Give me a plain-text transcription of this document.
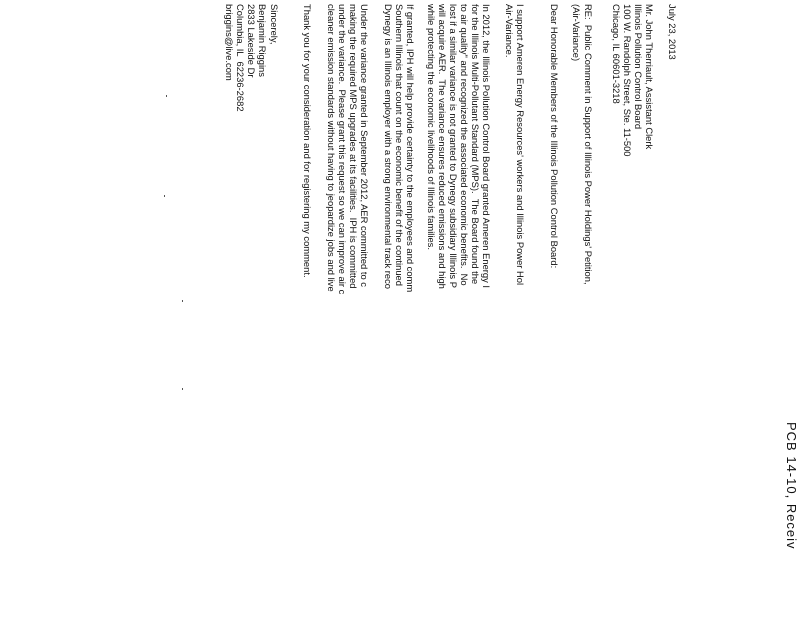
PCB 14-10, Receiv

July 23, 2013

Mr. John Therriault, Assistant Clerk

Illinois Pollution Control Board

100 W. Randolph Street, Ste. 11-500

Chicago, IL 60601-3218

RE:  Public Comment in Support of Illinois Power Holdings' Petition,

(Air-Variance)

Dear Honorable Members of the Illinois Pollution Control Board:

I support Ameren Energy Resources' workers and Illinois Power Hol

Air-Variance.

In 2012, the Illinois Pollution Control Board granted Ameren Energy I

for the Illinois Multi-Pollutant Standard (MPS).  The Board found the

to air quality" and recognized the associated economic benefits.  No

lost if a similar variance is not granted to Dynegy subsidiary Illinois P

will acquire AER.  The variance ensures reduced emissions and high

while protecting the economic livelihoods of Illinois families.

If granted, IPH will help provide certainty to the employees and comm

Southern Illinois that count on the economic benefit of the continued

Dynegy is an Illinois employer with a strong environmental track reco

Under the variance granted in September 2012, AER committed to c

making the required MPS upgrades at its facilities.  IPH is committed

under the variance.  Please grant this request so we can improve air c

cleaner emission standards without having to jeopardize jobs and live

Thank you for your consideration and for registering my comment.

Sincerely,

Benjamin Riggins

2833 Lakeside Dr

Columbia, IL  62236-2682

briggins@live.com
